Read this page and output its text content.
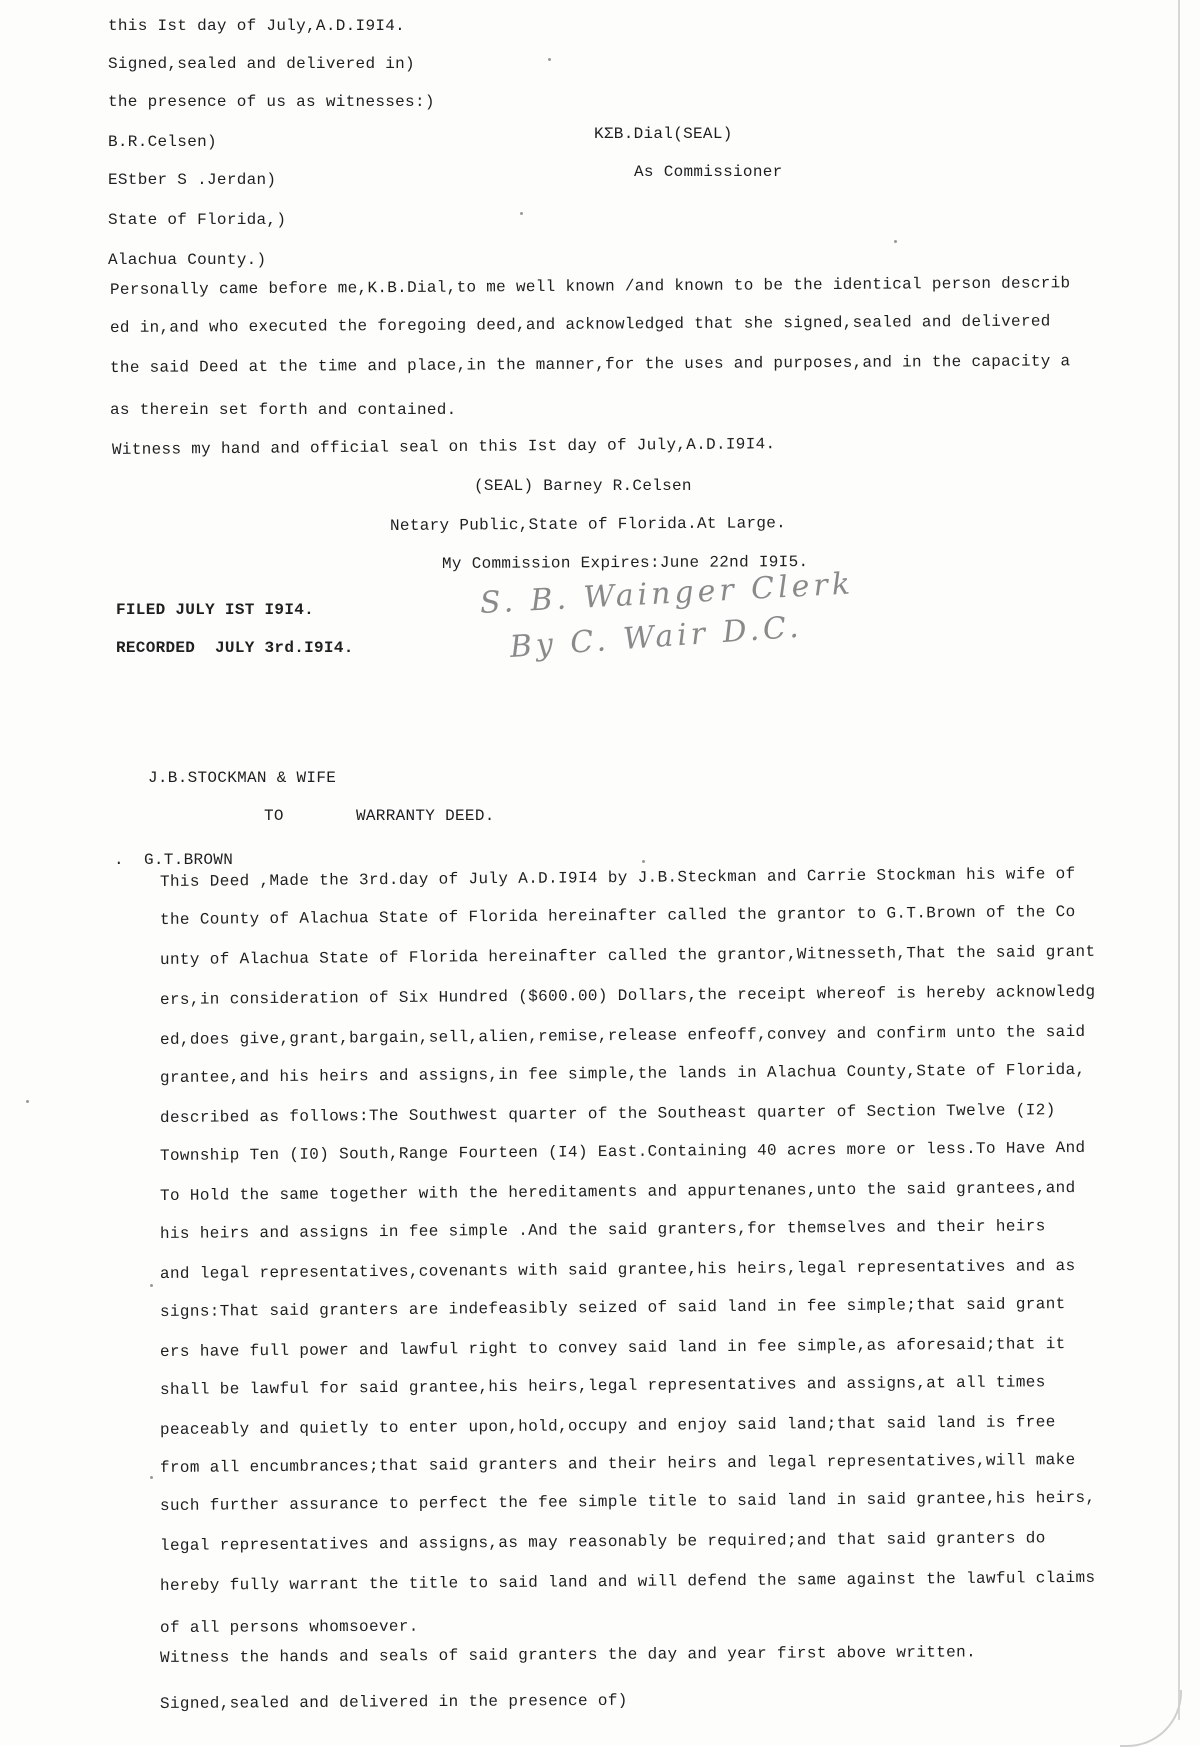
this Ist day of July,A.D.I9I4.
Signed,sealed and delivered in)
the presence of us as witnesses:)
B.R.Celsen)
EStber S .Jerdan)
State of Florida,)
Alachua County.)
KΣB.Dial(SEAL)
As Commissioner
Personally came before me,K.B.Dial,to me well known /and known to be the identical person describ
ed in,and who executed the foregoing deed,and acknowledged that she signed,sealed and delivered
the said Deed at the time and place,in the manner,for the uses and purposes,and in the capacity a
as therein set forth and contained.
Witness my hand and official seal on this Ist day of July,A.D.I9I4.
(SEAL) Barney R.Celsen
Netary Public,State of Florida.At Large.
My Commission Expires:June 22nd I9I5.
FILED JULY IST I9I4.
RECORDED  JULY 3rd.I9I4.
S. B. Wainger Clerk
By C. Wair D.C.
J.B.STOCKMAN & WIFE
TO	WARRANTY DEED.
. G.T.BROWN
This Deed ,Made the 3rd.day of July A.D.I9I4 by J.B.Steckman and Carrie Stockman his wife of
the County of Alachua State of Florida hereinafter called the grantor to G.T.Brown of the Co
unty of Alachua State of Florida hereinafter called the grantor,Witnesseth,That the said grant
ers,in consideration of Six Hundred ($600.00) Dollars,the receipt whereof is hereby acknowledg
ed,does give,grant,bargain,sell,alien,remise,release enfeoff,convey and confirm unto the said
grantee,and his heirs and assigns,in fee simple,the lands in Alachua County,State of Florida,
described as follows:The Southwest quarter of the Southeast quarter of Section Twelve (I2)
Township Ten (I0) South,Range Fourteen (I4) East.Containing 40 acres more or less.To Have And
To Hold the same together with the hereditaments and appurtenanes,unto the said grantees,and
his heirs and assigns in fee simple .And the said granters,for themselves and their heirs
and legal representatives,covenants with said grantee,his heirs,legal representatives and as
signs:That said granters are indefeasibly seized of said land in fee simple;that said grant
ers have full power and lawful right to convey said land in fee simple,as aforesaid;that it
shall be lawful for said grantee,his heirs,legal representatives and assigns,at all times
peaceably and quietly to enter upon,hold,occupy and enjoy said land;that said land is free
from all encumbrances;that said granters and their heirs and legal representatives,will make
such further assurance to perfect the fee simple title to said land in said grantee,his heirs,
legal representatives and assigns,as may reasonably be required;and that said granters do
hereby fully warrant the title to said land and will defend the same against the lawful claims
of all persons whomsoever.
Witness the hands and seals of said granters the day and year first above written.
Signed,sealed and delivered in the presence of)
